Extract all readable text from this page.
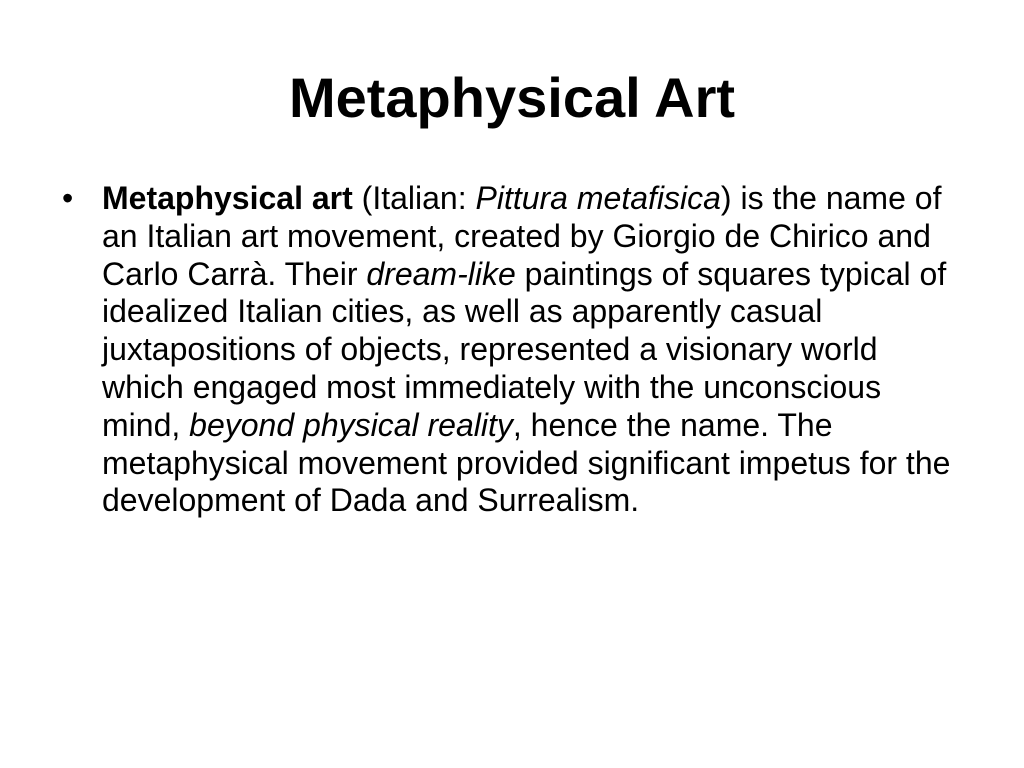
Metaphysical Art
• Metaphysical art (Italian: Pittura metafisica) is the name of an Italian art movement, created by Giorgio de Chirico and Carlo Carrà. Their dream-like paintings of squares typical of idealized Italian cities, as well as apparently casual juxtapositions of objects, represented a visionary world which engaged most immediately with the unconscious mind, beyond physical reality, hence the name. The metaphysical movement provided significant impetus for the development of Dada and Surrealism.
